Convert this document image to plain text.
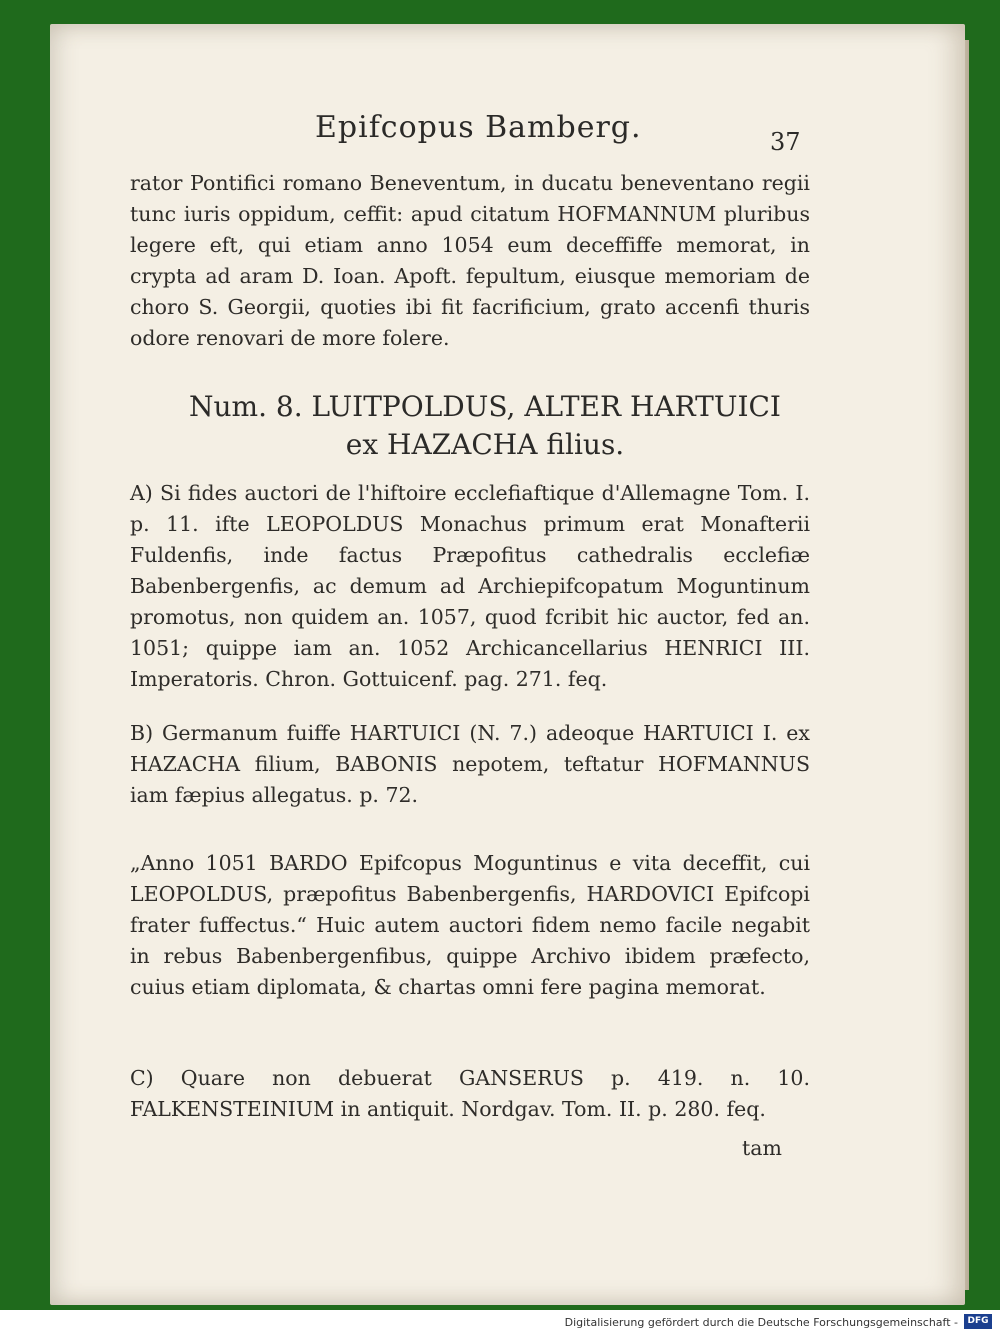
Epifcopus Bamberg.	37
rator Pontifici romano Beneventum, in ducatu beneventano regii tunc iuris oppidum, ceffit: apud citatum HOFMANNUM pluribus legere eft, qui etiam anno 1054 eum deceffiffe memorat, in crypta ad aram D. Ioan. Apoft. fepultum, eiusque memoriam de choro S. Georgii, quoties ibi fit facrificium, grato accenfi thuris odore renovari de more folere.
Num. 8. LUITPOLDUS, ALTER HARTUICI
ex HAZACHA filius.
A) Si fides auctori de l'hiftoire ecclefiaftique d'Allemagne Tom. I. p. 11. ifte LEOPOLDUS Monachus primum erat Monafterii Fuldenfis, inde factus Præpofitus cathedralis ecclefiæ Babenbergenfis, ac demum ad Archiepifcopatum Moguntinum promotus, non quidem an. 1057, quod fcribit hic auctor, fed an. 1051; quippe iam an. 1052 Archicancellarius HENRICI III. Imperatoris. Chron. Gottuicenf. pag. 271. feq.
B) Germanum fuiffe HARTUICI (N. 7.) adeoque HARTUICI I. ex HAZACHA filium, BABONIS nepotem, teftatur HOFMANNUS iam fæpius allegatus. p. 72.
„Anno 1051 BARDO Epifcopus Moguntinus e vita deceffit, cui LEOPOLDUS, præpofitus Babenbergenfis, HARDOVICI Epifcopi frater fuffectus.“ Huic autem auctori fidem nemo facile negabit in rebus Babenbergenfibus, quippe Archivo ibidem præfecto, cuius etiam diplomata, & chartas omni fere pagina memorat.
C) Quare non debuerat GANSERUS p. 419. n. 10. FALKENSTEINIUM in antiquit. Nordgav. Tom. II. p. 280. feq.
tam
Digitalisierung gefördert durch die Deutsche Forschungsgemeinschaft -	DFG
